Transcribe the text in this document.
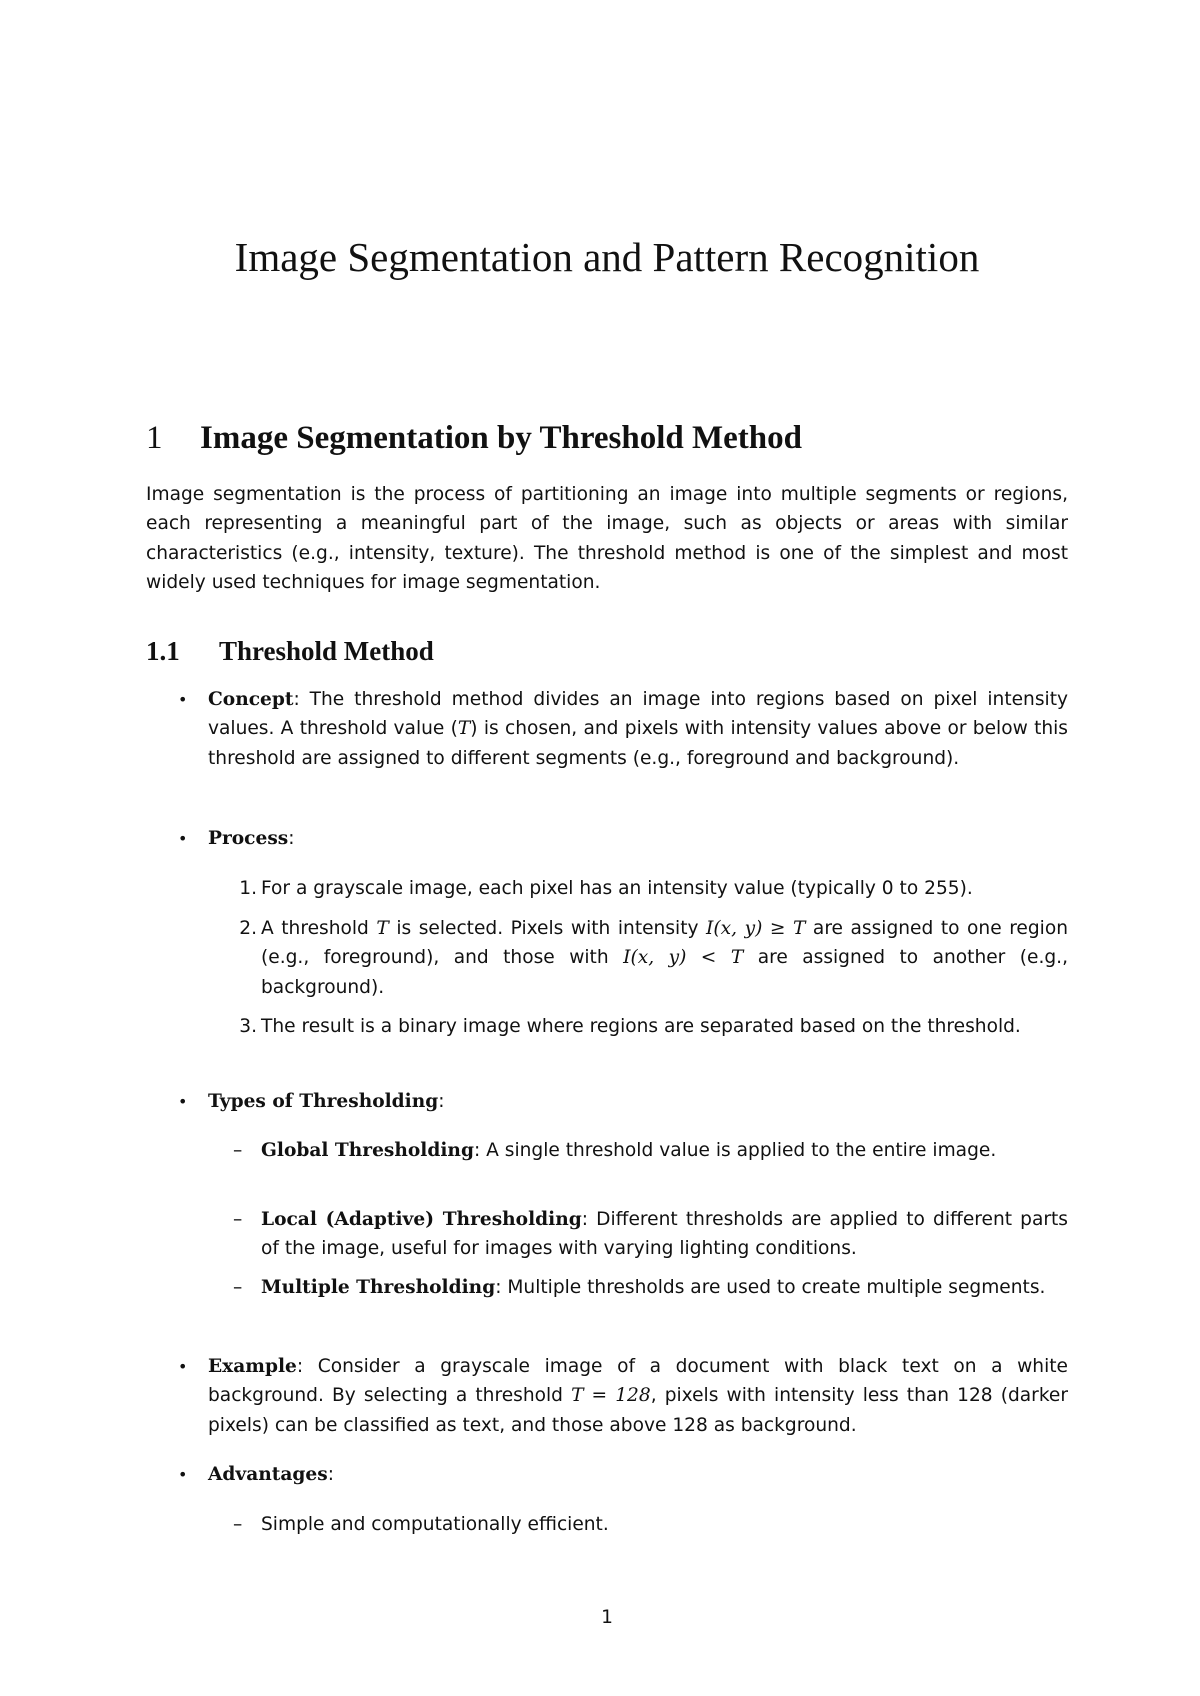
Image Segmentation and Pattern Recognition
1 Image Segmentation by Threshold Method

Image segmentation is the process of partitioning an image into multiple segments or regions, each representing a meaningful part of the image, such as objects or areas with similar characteristics (e.g., intensity, texture). The threshold method is one of the simplest and most widely used techniques for image segmentation.

1.1 Threshold Method
• Concept: The threshold method divides an image into regions based on pixel intensity values. A threshold value (T) is chosen, and pixels with intensity values above or below this threshold are assigned to different segments (e.g., foreground and background).

• Process:

1. For a grayscale image, each pixel has an intensity value (typically 0 to 255).

2. A threshold T is selected. Pixels with intensity I(x, y) ≥ T are assigned to one region (e.g., foreground), and those with I(x, y) < T are assigned to another (e.g., background).

3. The result is a binary image where regions are separated based on the threshold.

• Types of Thresholding:

–	Global Thresholding: A single threshold value is applied to the entire image.

–	Local (Adaptive) Thresholding: Different thresholds are applied to different parts of the image, useful for images with varying lighting conditions.

–	Multiple Thresholding: Multiple thresholds are used to create multiple segments.

• Example: Consider a grayscale image of a document with black text on a white background. By selecting a threshold T = 128, pixels with intensity less than 128 (darker pixels) can be classified as text, and those above 128 as background.

• Advantages:

–	Simple and computationally efficient.

1
